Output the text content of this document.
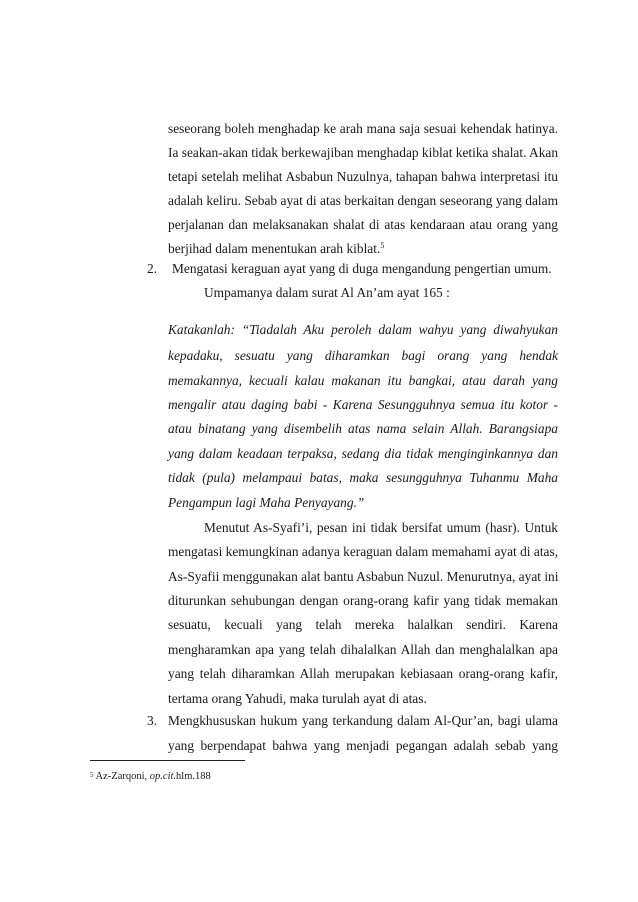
seseorang boleh menghadap ke arah mana saja sesuai kehendak hatinya.
Ia seakan-akan tidak berkewajiban menghadap kiblat ketika shalat. Akan
tetapi setelah melihat Asbabun Nuzulnya, tahapan bahwa interpretasi itu
adalah keliru. Sebab ayat di atas berkaitan dengan seseorang yang dalam
perjalanan dan melaksanakan shalat di atas kendaraan atau orang yang
berjihad dalam menentukan arah kiblat.$^5$
2. Mengatasi keraguan ayat yang di duga mengandung pengertian umum.
Umpamanya dalam surat Al An’am ayat 165 :
Katakanlah: “Tiadalah Aku peroleh dalam wahyu yang diwahyukan
kepadaku, sesuatu yang diharamkan bagi orang yang hendak
memakannya, kecuali kalau makanan itu bangkai, atau darah yang
mengalir atau daging babi - Karena Sesungguhnya semua itu kotor -
atau binatang yang disembelih atas nama selain Allah. Barangsiapa
yang dalam keadaan terpaksa, sedang dia tidak menginginkannya dan
tidak (pula) melampaui batas, maka sesungguhnya Tuhanmu Maha
Pengampun lagi Maha Penyayang.”
mengatasi kemungkinan adanya keraguan dalam memahami ayat di atas,
As-Syafii menggunakan alat bantu Asbabun Nuzul. Menurutnya, ayat ini
diturunkan sehubungan dengan orang-orang kafir yang tidak memakan
sesuatu, kecuali yang telah mereka halalkan sendiri. Karena
mengharamkan apa yang telah dihalalkan Allah dan menghalalkan apa
yang telah diharamkan Allah merupakan kebiasaan orang-orang kafir,
tertama orang Yahudi, maka turulah ayat di atas.
3. Mengkhususkan hukum yang terkandung dalam Al-Qur’an, bagi ulama
yang berpendapat bahwa yang menjadi pegangan adalah sebab yang
Menutut As-Syafi’i, pesan ini tidak bersifat umum (hasr). Untuk
$^5$ Az-Zarqoni, op.cit.hlm.188
